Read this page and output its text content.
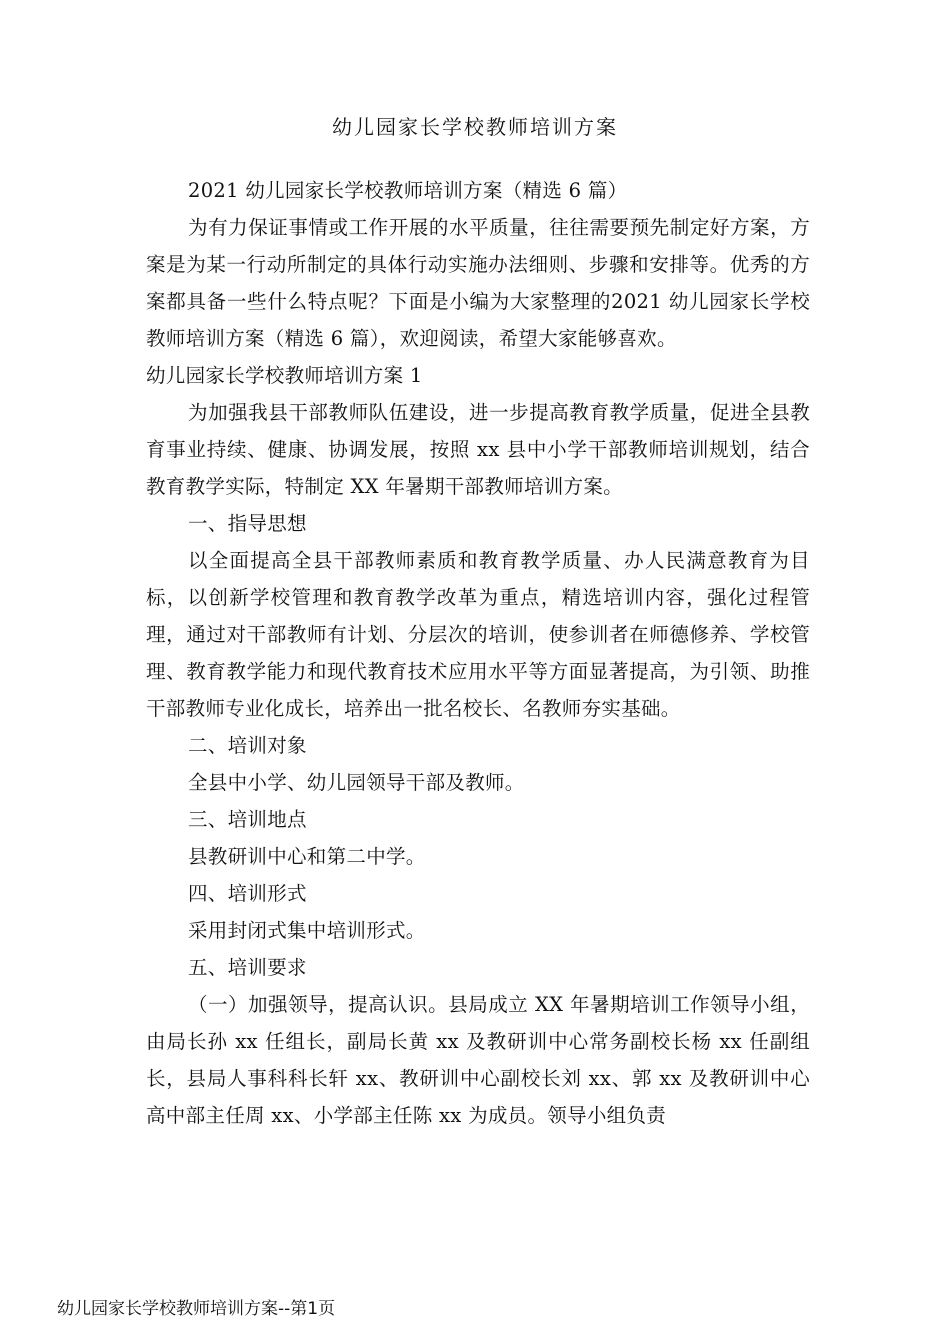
幼儿园家长学校教师培训方案

2021 幼儿园家长学校教师培训方案（精选 6 篇）

为有力保证事情或工作开展的水平质量，往往需要预先制定好方案，方案是为某一行动所制定的具体行动实施办法细则、步骤和安排等。优秀的方案都具备一些什么特点呢？下面是小编为大家整理的2021 幼儿园家长学校教师培训方案（精选 6 篇），欢迎阅读，希望大家能够喜欢。

幼儿园家长学校教师培训方案 1

为加强我县干部教师队伍建设，进一步提高教育教学质量，促进全县教育事业持续、健康、协调发展，按照 xx 县中小学干部教师培训规划，结合教育教学实际，特制定 XX 年暑期干部教师培训方案。

一、指导思想

以全面提高全县干部教师素质和教育教学质量、办人民满意教育为目标，以创新学校管理和教育教学改革为重点，精选培训内容，强化过程管理，通过对干部教师有计划、分层次的培训，使参训者在师德修养、学校管理、教育教学能力和现代教育技术应用水平等方面显著提高，为引领、助推干部教师专业化成长，培养出一批名校长、名教师夯实基础。

二、培训对象

全县中小学、幼儿园领导干部及教师。

三、培训地点

县教研训中心和第二中学。

四、培训形式

采用封闭式集中培训形式。

五、培训要求

（一）加强领导，提高认识。县局成立 XX 年暑期培训工作领导小组，由局长孙 xx 任组长，副局长黄 xx 及教研训中心常务副校长杨 xx 任副组长，县局人事科科长轩 xx、教研训中心副校长刘 xx、郭 xx 及教研训中心高中部主任周 xx、小学部主任陈 xx 为成员。领导小组负责

幼儿园家长学校教师培训方案--第1页
